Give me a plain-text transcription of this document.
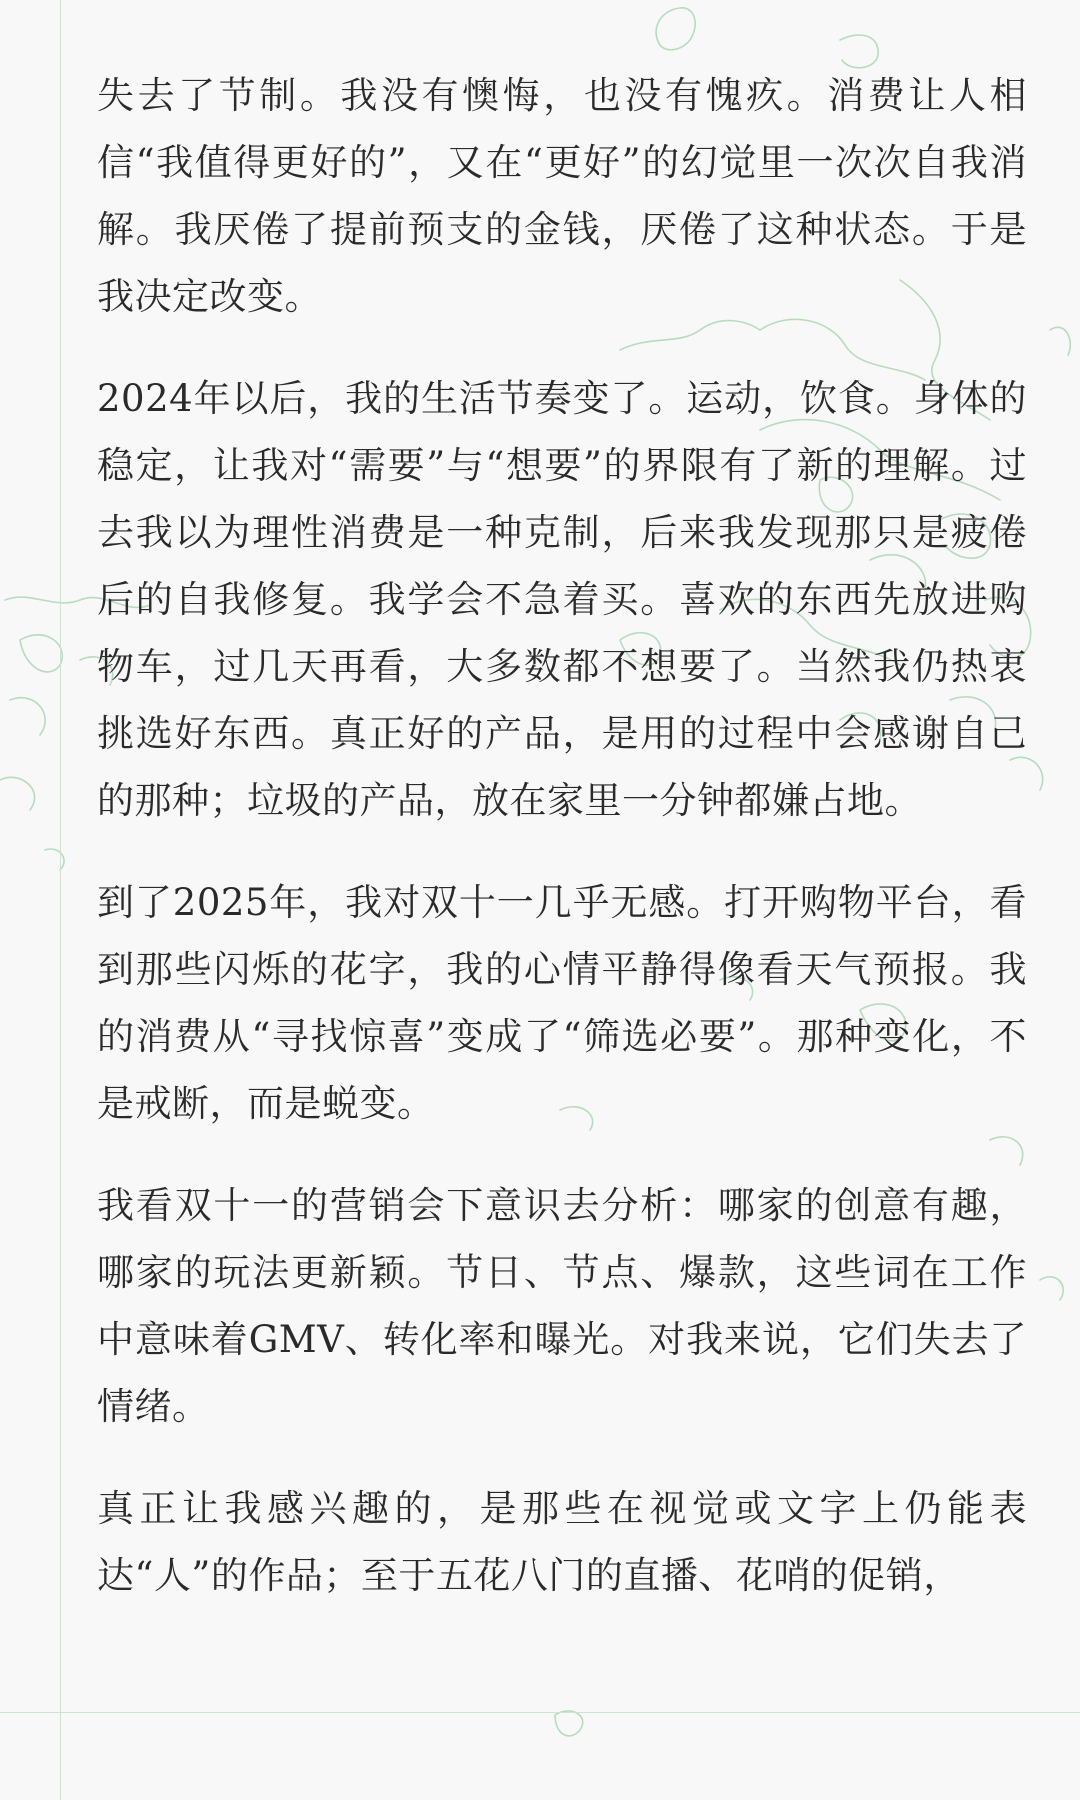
失去了节制。我没有懊悔，也没有愧疚。消费让人相信“我值得更好的”，又在“更好”的幻觉里一次次自我消解。我厌倦了提前预支的金钱，厌倦了这种状态。于是我决定改变。

2024年以后，我的生活节奏变了。运动，饮食。身体的稳定，让我对“需要”与“想要”的界限有了新的理解。过去我以为理性消费是一种克制，后来我发现那只是疲倦后的自我修复。我学会不急着买。喜欢的东西先放进购物车，过几天再看，大多数都不想要了。当然我仍热衷挑选好东西。真正好的产品，是用的过程中会感谢自己的那种；垃圾的产品，放在家里一分钟都嫌占地。

到了2025年，我对双十一几乎无感。打开购物平台，看到那些闪烁的花字，我的心情平静得像看天气预报。我的消费从“寻找惊喜”变成了“筛选必要”。那种变化，不是戒断，而是蜕变。

我看双十一的营销会下意识去分析：哪家的创意有趣，哪家的玩法更新颖。节日、节点、爆款，这些词在工作中意味着GMV、转化率和曝光。对我来说，它们失去了情绪。

真正让我感兴趣的，是那些在视觉或文字上仍能表达“人”的作品；至于五花八门的直播、花哨的促销，
